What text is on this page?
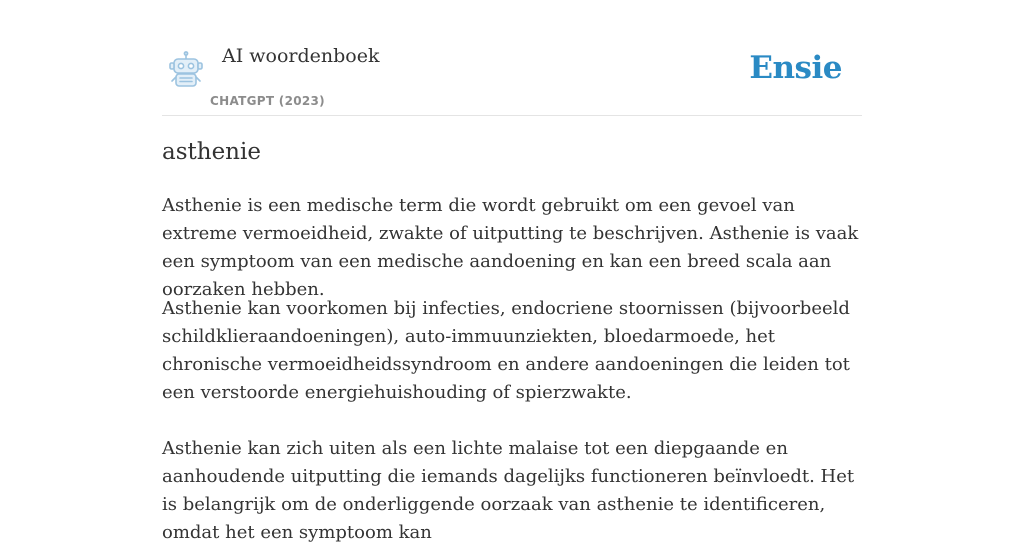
AI woordenboek
CHATGPT (2023)
Ensie
asthenie

Asthenie is een medische term die wordt gebruikt om een gevoel van extreme vermoeidheid, zwakte of uitputting te beschrijven. Asthenie is vaak een symptoom van een medische aandoening en kan een breed scala aan oorzaken hebben.

Asthenie kan voorkomen bij infecties, endocriene stoornissen (bijvoorbeeld schildklieraandoeningen), auto-immuunziekten, bloedarmoede, het chronische vermoeidheidssyndroom en andere aandoeningen die leiden tot een verstoorde energiehuishouding of spierzwakte.

Asthenie kan zich uiten als een lichte malaise tot een diepgaande en aanhoudende uitputting die iemands dagelijks functioneren beïnvloedt. Het is belangrijk om de onderliggende oorzaak van asthenie te identificeren, omdat het een symptoom kan
